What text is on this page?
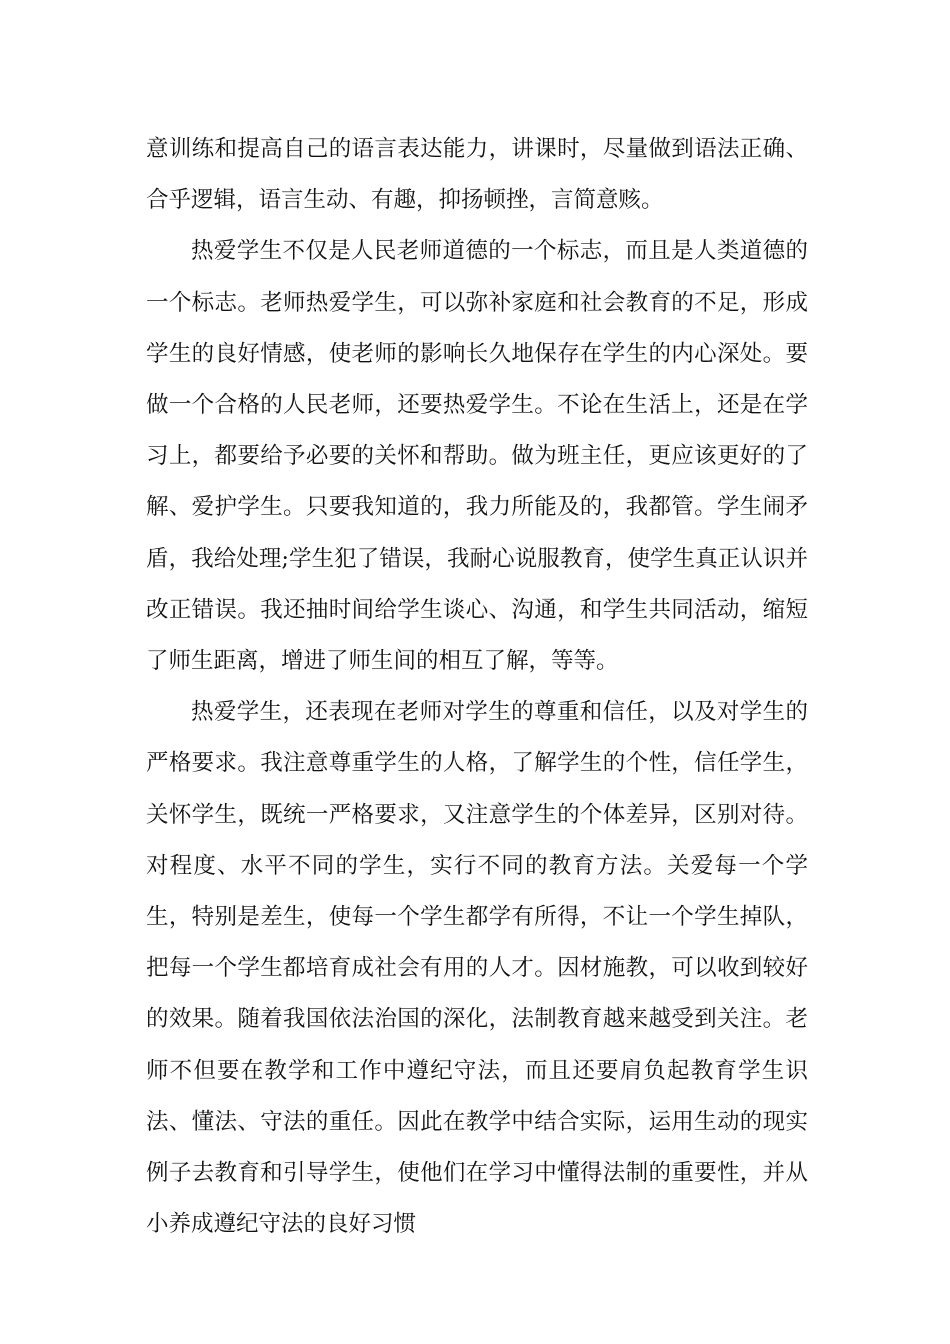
意训练和提高自己的语言表达能力，讲课时，尽量做到语法正确、合乎逻辑，语言生动、有趣，抑扬顿挫，言简意赅。

热爱学生不仅是人民老师道德的一个标志，而且是人类道德的一个标志。老师热爱学生，可以弥补家庭和社会教育的不足，形成学生的良好情感，使老师的影响长久地保存在学生的内心深处。要做一个合格的人民老师，还要热爱学生。不论在生活上，还是在学习上，都要给予必要的关怀和帮助。做为班主任，更应该更好的了解、爱护学生。只要我知道的，我力所能及的，我都管。学生闹矛盾，我给处理;学生犯了错误，我耐心说服教育，使学生真正认识并改正错误。我还抽时间给学生谈心、沟通，和学生共同活动，缩短了师生距离，增进了师生间的相互了解，等等。

热爱学生，还表现在老师对学生的尊重和信任，以及对学生的严格要求。我注意尊重学生的人格，了解学生的个性，信任学生，关怀学生，既统一严格要求，又注意学生的个体差异，区别对待。对程度、水平不同的学生，实行不同的教育方法。关爱每一个学生，特别是差生，使每一个学生都学有所得，不让一个学生掉队，把每一个学生都培育成社会有用的人才。因材施教，可以收到较好的效果。随着我国依法治国的深化，法制教育越来越受到关注。老师不但要在教学和工作中遵纪守法，而且还要肩负起教育学生识法、懂法、守法的重任。因此在教学中结合实际，运用生动的现实例子去教育和引导学生，使他们在学习中懂得法制的重要性，并从小养成遵纪守法的良好习惯
